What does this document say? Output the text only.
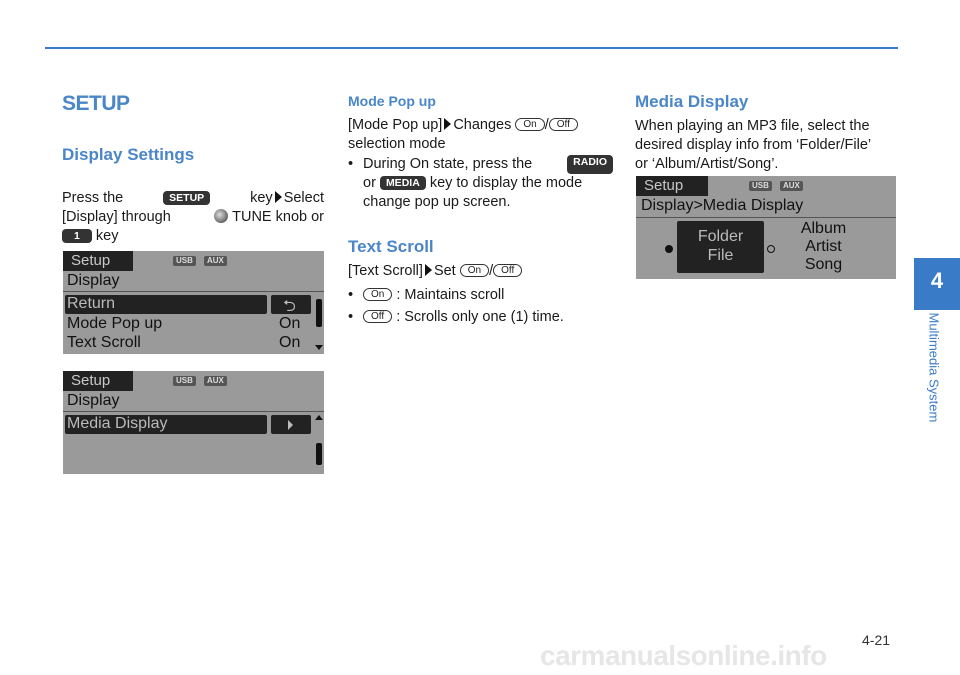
SETUP
Display Settings
Press the	SETUP	key Select
[Display] through	TUNE knob or
1 key
Setup	USB	AUX
Display
Return	⮌
Mode Pop up	On
Text Scroll	On
Setup	USB	AUX
Display
Media Display
Mode Pop up
[Mode Pop up] Changes On / Off
selection mode
• During On state, press the	RADIO
or MEDIA key to display the mode
change pop up screen.
Text Scroll
[Text Scroll] Set On / Off
•	On : Maintains scroll
•	Off : Scrolls only one (1) time.
Media Display
When playing an MP3 file, select the
desired display info from ‘Folder/File’
or ‘Album/Artist/Song’.
Setup	USB	AUX
Display>Media Display
Folder
File
Album
Artist
Song
4
Multimedia System
4-21
carmanualsonline.info
